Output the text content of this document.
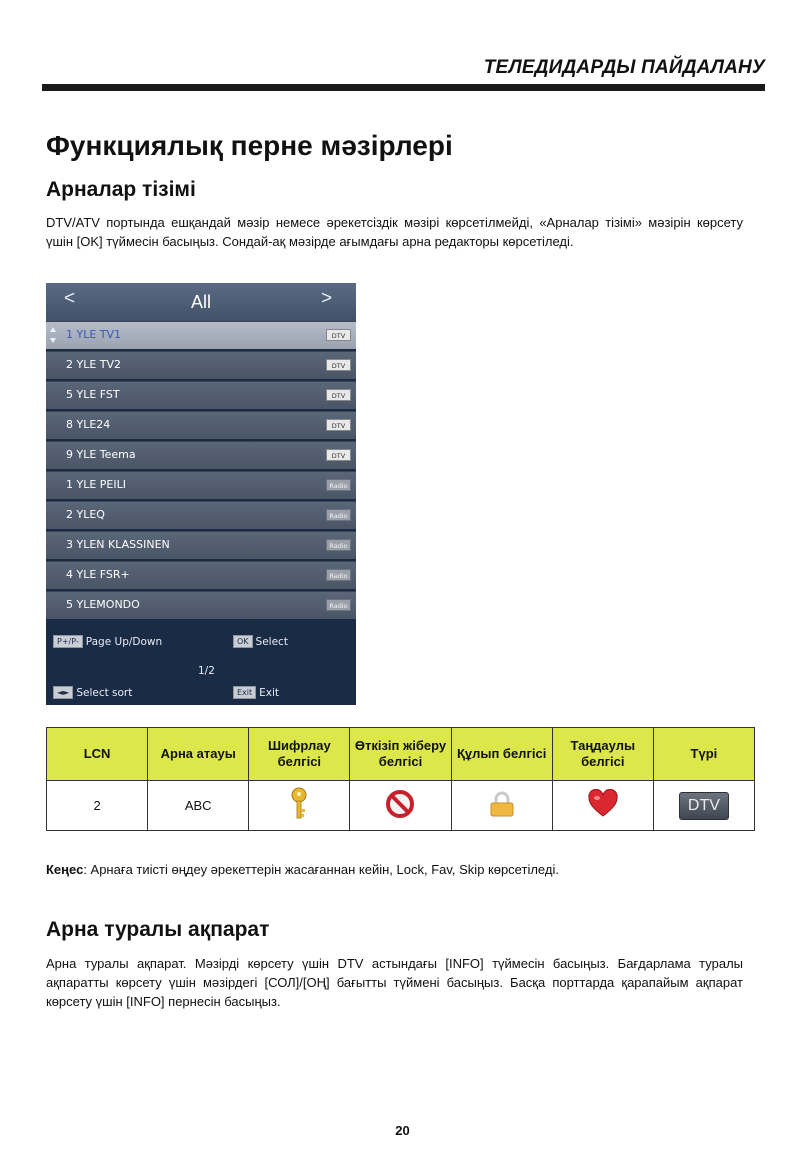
ТЕЛЕДИДАРДЫ ПАЙДАЛАНУ
Функциялық перне мәзірлері
Арналар тізімі
DTV/ATV портында ешқандай мәзір немесе әрекетсіздік мәзірі көрсетілмейді, «Арналар тізімі» мәзірін көрсету үшін [OK] түймесін басыңыз. Сондай-ақ мәзірде ағымдағы арна редакторы көрсетіледі.
<	All	>
1 YLE TV1	DTV
2 YLE TV2	DTV
5 YLE FST	DTV
8 YLE24	DTV
9 YLE Teema	DTV
1 YLE PEILI	Radio
2 YLEQ	Radio
3 YLEN KLASSINEN	Radio
4 YLE FSR+	Radio
5 YLEMONDO	Radio
P+/P- Page Up/Down	OK Select
1/2
◄► Select sort	Exit Exit
LCN	Арна атауы	Шифрлау белгісі	Өткізіп жіберу белгісі	Құлып белгісі	Таңдаулы белгісі	Түрі
2	ABC					DTV
Кеңес: Арнаға тиісті өңдеу әрекеттерін жасағаннан кейін, Lock, Fav, Skip көрсетіледі.
Арна туралы ақпарат
Арна туралы ақпарат. Мәзірді көрсету үшін DTV астындағы [INFO] түймесін басыңыз. Бағдарлама туралы ақпаратты көрсету үшін мәзірдегі [СОЛ]/[ОҢ] бағытты түймені басыңыз. Басқа порттарда қарапайым ақпарат көрсету үшін [INFO] пернесін басыңыз.
20
